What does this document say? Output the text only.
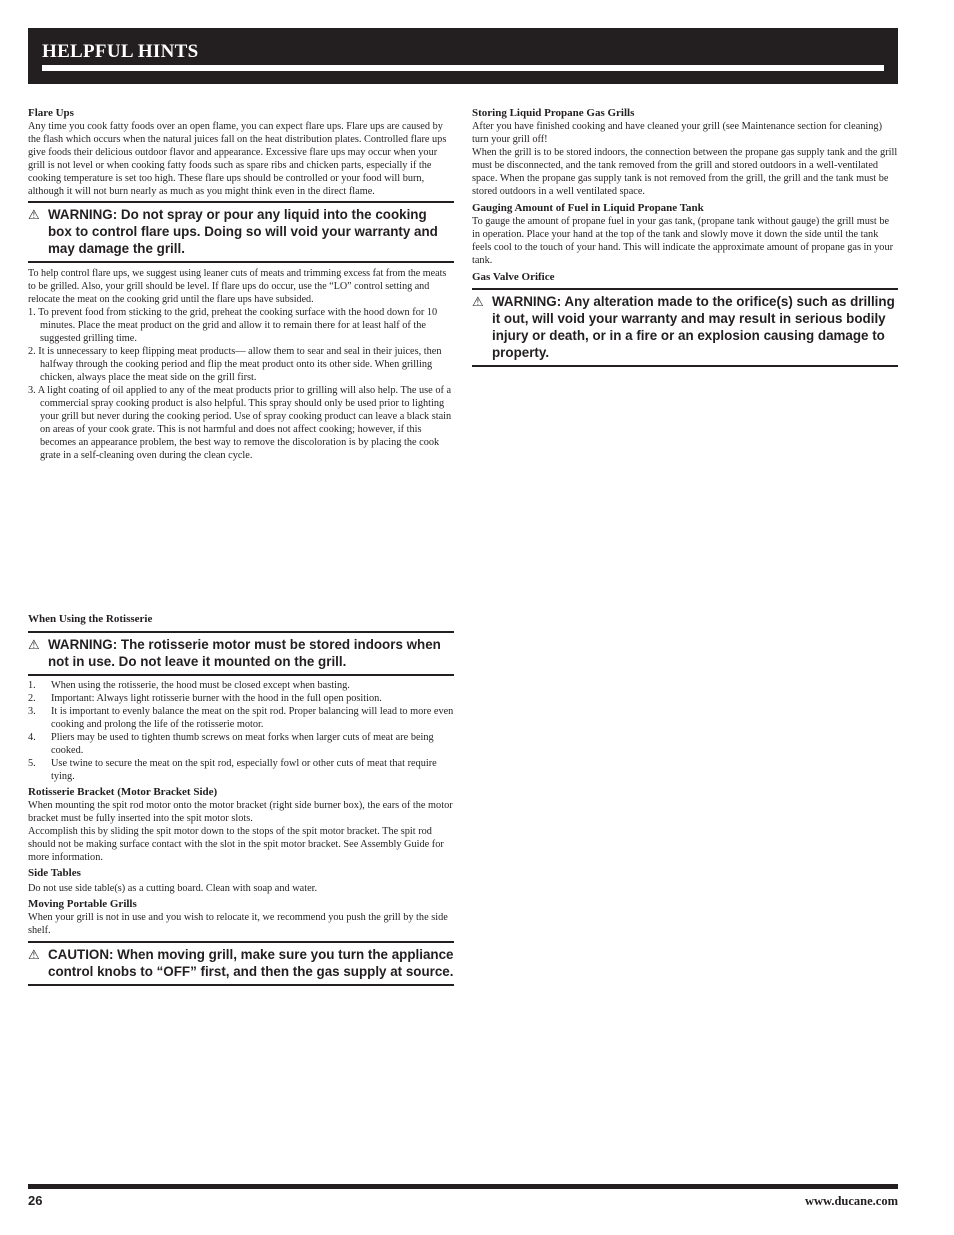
HELPFUL HINTS
Flare Ups

Any time you cook fatty foods over an open flame, you can expect flare ups. Flare ups are caused by the flash which occurs when the natural juices fall on the heat distribution plates. Controlled flare ups give foods their delicious outdoor flavor and appearance. Excessive flare ups may occur when your grill is not level or when cooking fatty foods such as spare ribs and chicken parts, especially if the cooking temperature is set too high. These flare ups should be controlled or your food will burn, although it will not burn nearly as much as you might think even in the direct flame.

⚠ WARNING: Do not spray or pour any liquid into the cooking box to control flare ups. Doing so will void your warranty and may damage the grill.

To help control flare ups, we suggest using leaner cuts of meats and trimming excess fat from the meats to be grilled. Also, your grill should be level. If flare ups do occur, use the “LO” control setting and relocate the meat on the cooking grid until the flare ups have subsided.

1. To prevent food from sticking to the grid, preheat the cooking surface with the hood down for 10 minutes. Place the meat product on the grid and allow it to remain there for at least half of the suggested grilling time.
2. It is unnecessary to keep flipping meat products— allow them to sear and seal in their juices, then halfway through the cooking period and flip the meat product onto its other side. When grilling chicken, always place the meat side on the grill first.
3. A light coating of oil applied to any of the meat products prior to grilling will also help. The use of a commercial spray cooking product is also helpful. This spray should only be used prior to lighting your grill but never during the cooking period. Use of spray cooking product can leave a black stain on areas of your cook grate. This is not harmful and does not affect cooking; however, if this becomes an appearance problem, the best way to remove the discoloration is by placing the cook grate in a self-cleaning oven during the clean cycle.
When Using the Rotisserie
⚠ WARNING: The rotisserie motor must be stored indoors when not in use. Do not leave it mounted on the grill.
1. When using the rotisserie, the hood must be closed except when basting.
2. Important: Always light rotisserie burner with the hood in the full open position.
3. It is important to evenly balance the meat on the spit rod. Proper balancing will lead to more even cooking and prolong the life of the rotisserie motor.
4. Pliers may be used to tighten thumb screws on meat forks when larger cuts of meat are being cooked.
5. Use twine to secure the meat on the spit rod, especially fowl or other cuts of meat that require tying.
Rotisserie Bracket (Motor Bracket Side)

When mounting the spit rod motor onto the motor bracket (right side burner box), the ears of the motor bracket must be fully inserted into the spit motor slots.

Accomplish this by sliding the spit motor down to the stops of the spit motor bracket. The spit rod should not be making surface contact with the slot in the spit motor bracket. See Assembly Guide for more information.

Side Tables

Do not use side table(s) as a cutting board. Clean with soap and water.

Moving Portable Grills

When your grill is not in use and you wish to relocate it, we recommend you push the grill by the side shelf.

⚠ CAUTION: When moving grill, make sure you turn the appliance control knobs to “OFF” first, and then the gas supply at source.
Storing Liquid Propane Gas Grills

After you have finished cooking and have cleaned your grill (see Maintenance section for cleaning) turn your grill off!

When the grill is to be stored indoors, the connection between the propane gas supply tank and the grill must be disconnected, and the tank removed from the grill and stored outdoors in a well-ventilated space. When the propane gas supply tank is not removed from the grill, the grill and the tank must be stored outdoors in a well ventilated space.

Gauging Amount of Fuel in Liquid Propane Tank

To gauge the amount of propane fuel in your gas tank, (propane tank without gauge) the grill must be in operation. Place your hand at the top of the tank and slowly move it down the side until the tank feels cool to the touch of your hand. This will indicate the approximate amount of propane gas in your tank.

Gas Valve Orifice
⚠ WARNING: Any alteration made to the orifice(s) such as drilling it out, will void your warranty and may result in serious bodily injury or death, or in a fire or an explosion causing damage to property.
26	www.ducane.com
